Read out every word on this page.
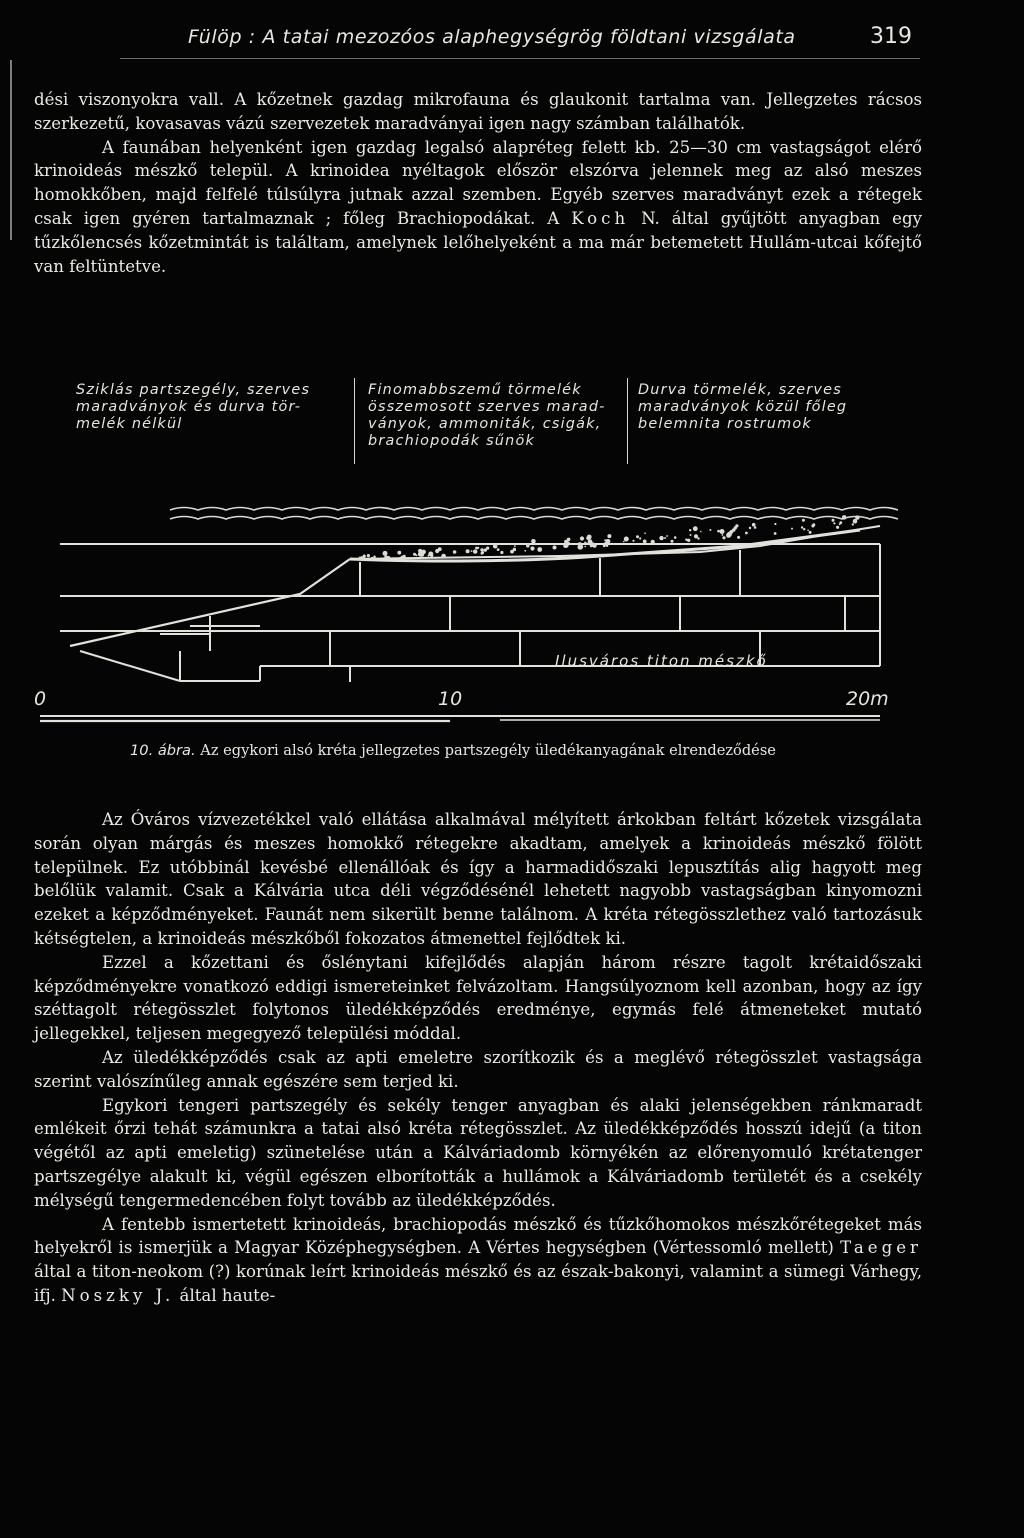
Fülöp : A tatai mezozóos alaphegységrög földtani vizsgálata	319

dési viszonyokra vall. A kőzetnek gazdag mikrofauna és glaukonit tartalma van. Jellegzetes rácsos szerkezetű, kovasavas vázú szervezetek maradványai igen nagy számban találhatók.

A faunában helyenként igen gazdag legalsó alapréteg felett kb. 25—30 cm vastagságot elérő krinoideás mészkő települ. A krinoidea nyéltagok először elszórva jelennek meg az alsó meszes homokkőben, majd felfelé túlsúlyra jutnak azzal szemben. Egyéb szerves maradványt ezek a rétegek csak igen gyéren tartalmaznak ; főleg Brachiopodákat. A Koch N. által gyűjtött anyagban egy tűzkőlencsés kőzetmintát is találtam, amelynek lelőhelyeként a ma már betemetett Hullám-utcai kőfejtő van feltüntetve.

Sziklás partszegély, szerves
maradványok és durva tör-
melék nélkül
Finomabbszemű törmelék
összemosott szerves marad-
ványok, ammoniták, csigák,
brachiopodák sűnök
Durva törmelék, szerves
maradványok közül főleg
belemnita rostrumok
Ilusváros titon mészkő
0	10	20m
10. ábra. Az egykori alsó kréta jellegzetes partszegély üledékanyagának elrendeződése

Az Óváros vízvezetékkel való ellátása alkalmával mélyített árkokban feltárt kőzetek vizsgálata során olyan márgás és meszes homokkő rétegekre akadtam, amelyek a krinoideás mészkő fölött települnek. Ez utóbbinál kevésbé ellenállóak és így a harmadidőszaki lepusztítás alig hagyott meg belőlük valamit. Csak a Kálvária utca déli végződésénél lehetett nagyobb vastagságban kinyomozni ezeket a képződményeket. Faunát nem sikerült benne találnom. A kréta rétegösszlethez való tartozásuk kétségtelen, a krinoideás mészkőből fokozatos átmenettel fejlődtek ki.

Ezzel a kőzettani és őslénytani kifejlődés alapján három részre tagolt krétaidőszaki képződményekre vonatkozó eddigi ismereteinket felvázoltam. Hangsúlyoznom kell azonban, hogy az így széttagolt rétegösszlet folytonos üledékképződés eredménye, egymás felé átmeneteket mutató jellegekkel, teljesen megegyező települési móddal.

Az üledékképződés csak az apti emeletre szorítkozik és a meglévő rétegösszlet vastagsága szerint valószínűleg annak egészére sem terjed ki.

Egykori tengeri partszegély és sekély tenger anyagban és alaki jelenségekben ránkmaradt emlékeit őrzi tehát számunkra a tatai alsó kréta rétegösszlet. Az üledékképződés hosszú idejű (a titon végétől az apti emeletig) szünetelése után a Kálváriadomb környékén az előrenyomuló krétatenger partszegélye alakult ki, végül egészen elborították a hullámok a Kálváriadomb területét és a csekély mélységű tengermedencében folyt tovább az üledékképződés.

A fentebb ismertetett krinoideás, brachiopodás mészkő és tűzkőhomokos mészkőrétegeket más helyekről is ismerjük a Magyar Középhegységben. A Vértes hegységben (Vértessomló mellett) Taeger által a titon-neokom (?) korúnak leírt krinoideás mészkő és az észak-bakonyi, valamint a sümegi Várhegy, ifj. Noszky J. által haute-
